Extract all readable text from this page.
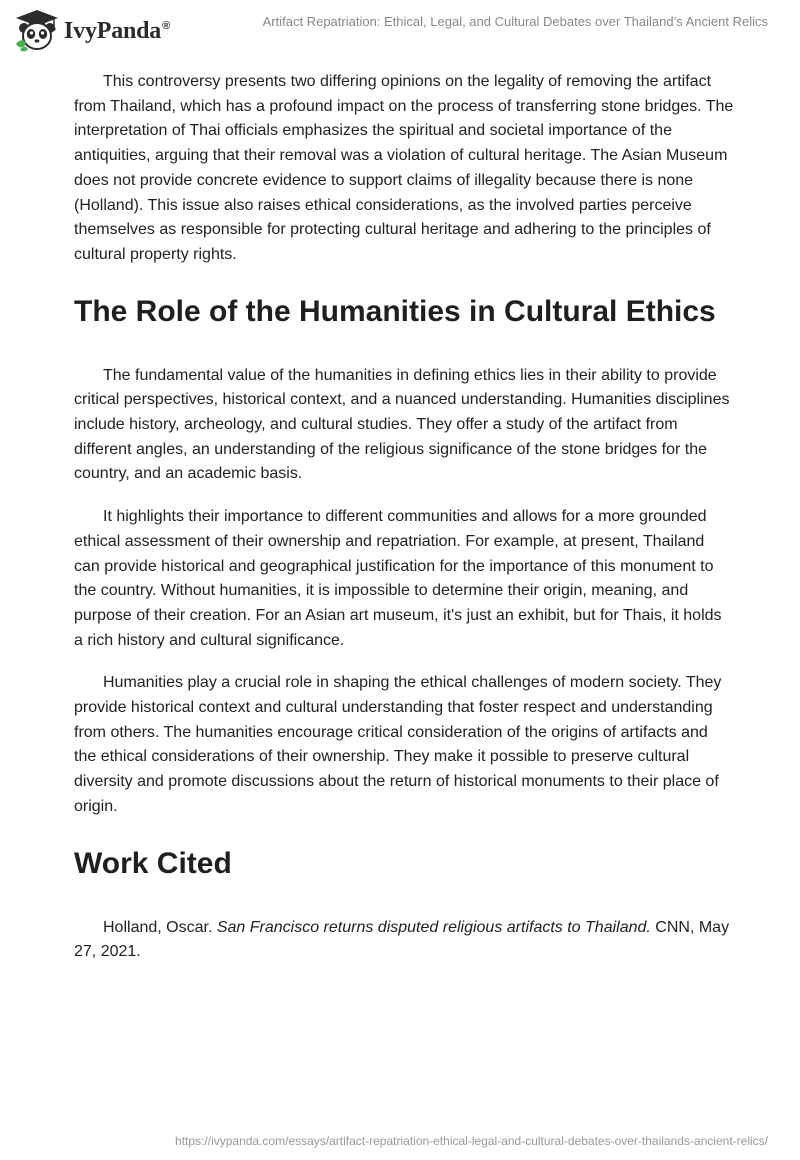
IvyPanda®	Artifact Repatriation: Ethical, Legal, and Cultural Debates over Thailand’s Ancient Relics

This controversy presents two differing opinions on the legality of removing the artifact from Thailand, which has a profound impact on the process of transferring stone bridges. The interpretation of Thai officials emphasizes the spiritual and societal importance of the antiquities, arguing that their removal was a violation of cultural heritage. The Asian Museum does not provide concrete evidence to support claims of illegality because there is none (Holland). This issue also raises ethical considerations, as the involved parties perceive themselves as responsible for protecting cultural heritage and adhering to the principles of cultural property rights.

The Role of the Humanities in Cultural Ethics

The fundamental value of the humanities in defining ethics lies in their ability to provide critical perspectives, historical context, and a nuanced understanding. Humanities disciplines include history, archeology, and cultural studies. They offer a study of the artifact from different angles, an understanding of the religious significance of the stone bridges for the country, and an academic basis.

It highlights their importance to different communities and allows for a more grounded ethical assessment of their ownership and repatriation. For example, at present, Thailand can provide historical and geographical justification for the importance of this monument to the country. Without humanities, it is impossible to determine their origin, meaning, and purpose of their creation. For an Asian art museum, it's just an exhibit, but for Thais, it holds a rich history and cultural significance.

Humanities play a crucial role in shaping the ethical challenges of modern society. They provide historical context and cultural understanding that foster respect and understanding from others. The humanities encourage critical consideration of the origins of artifacts and the ethical considerations of their ownership. They make it possible to preserve cultural diversity and promote discussions about the return of historical monuments to their place of origin.

Work Cited

Holland, Oscar. San Francisco returns disputed religious artifacts to Thailand. CNN, May 27, 2021.

https://ivypanda.com/essays/artifact-repatriation-ethical-legal-and-cultural-debates-over-thailands-ancient-relics/
